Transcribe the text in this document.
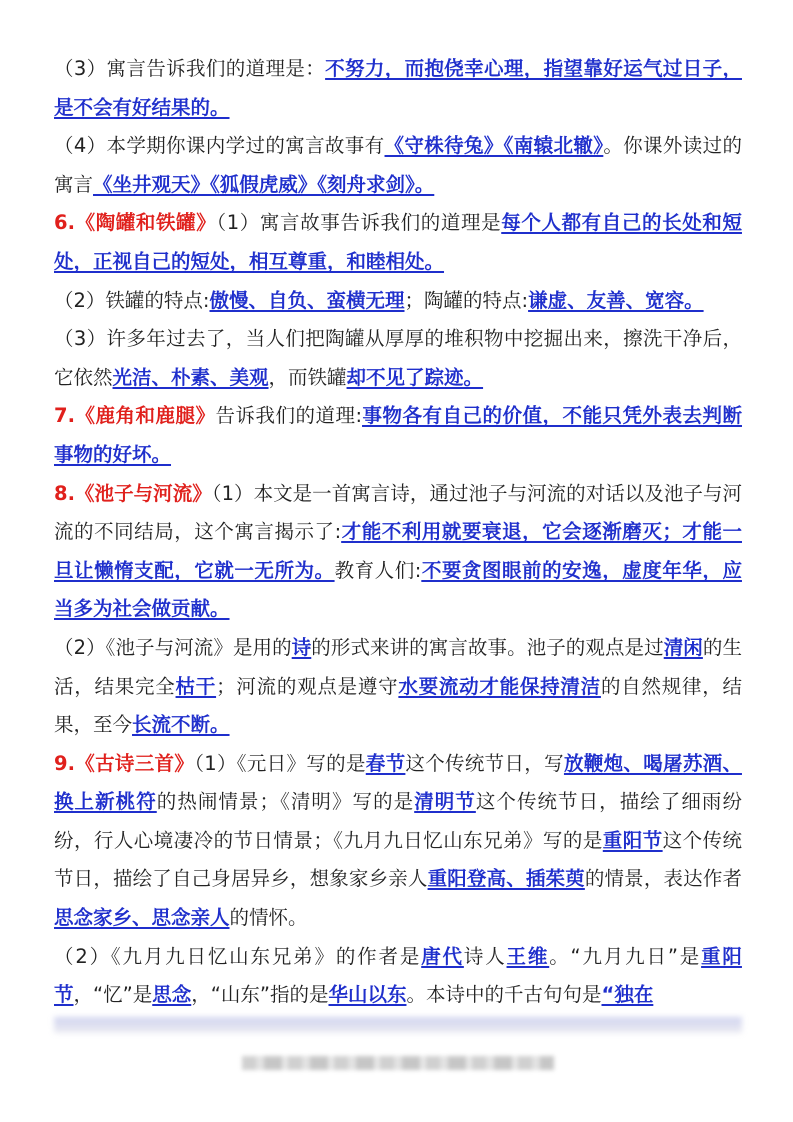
（3）寓言告诉我们的道理是：不努力，而抱侥幸心理，指望靠好运气过日子，是不会有好结果的。

（4）本学期你课内学过的寓言故事有《守株待兔》《南辕北辙》。你课外读过的寓言《坐井观天》《狐假虎威》《刻舟求剑》。

6.《陶罐和铁罐》（1）寓言故事告诉我们的道理是每个人都有自己的长处和短处，正视自己的短处，相互尊重，和睦相处。

（2）铁罐的特点:傲慢、自负、蛮横无理；陶罐的特点:谦虚、友善、宽容。

（3）许多年过去了，当人们把陶罐从厚厚的堆积物中挖掘出来，擦洗干净后，它依然光洁、朴素、美观，而铁罐却不见了踪迹。

7.《鹿角和鹿腿》告诉我们的道理:事物各有自己的价值，不能只凭外表去判断事物的好坏。

8.《池子与河流》（1）本文是一首寓言诗，通过池子与河流的对话以及池子与河流的不同结局，这个寓言揭示了:才能不利用就要衰退，它会逐渐磨灭；才能一旦让懒惰支配，它就一无所为。教育人们:不要贪图眼前的安逸，虚度年华，应当多为社会做贡献。

（2）《池子与河流》是用的诗的形式来讲的寓言故事。池子的观点是过清闲的生活，结果完全枯干；河流的观点是遵守水要流动才能保持清洁的自然规律，结果，至今长流不断。

9.《古诗三首》（1）《元日》写的是春节这个传统节日，写放鞭炮、喝屠苏酒、换上新桃符的热闹情景；《清明》写的是清明节这个传统节日，描绘了细雨纷纷，行人心境凄冷的节日情景；《九月九日忆山东兄弟》写的是重阳节这个传统节日，描绘了自己身居异乡，想象家乡亲人重阳登高、插茱萸的情景，表达作者思念家乡、思念亲人的情怀。

（2）《九月九日忆山东兄弟》的作者是唐代诗人王维。“九月九日”是重阳节，“忆”是思念，“山东”指的是华山以东。本诗中的千古句句是“独在
